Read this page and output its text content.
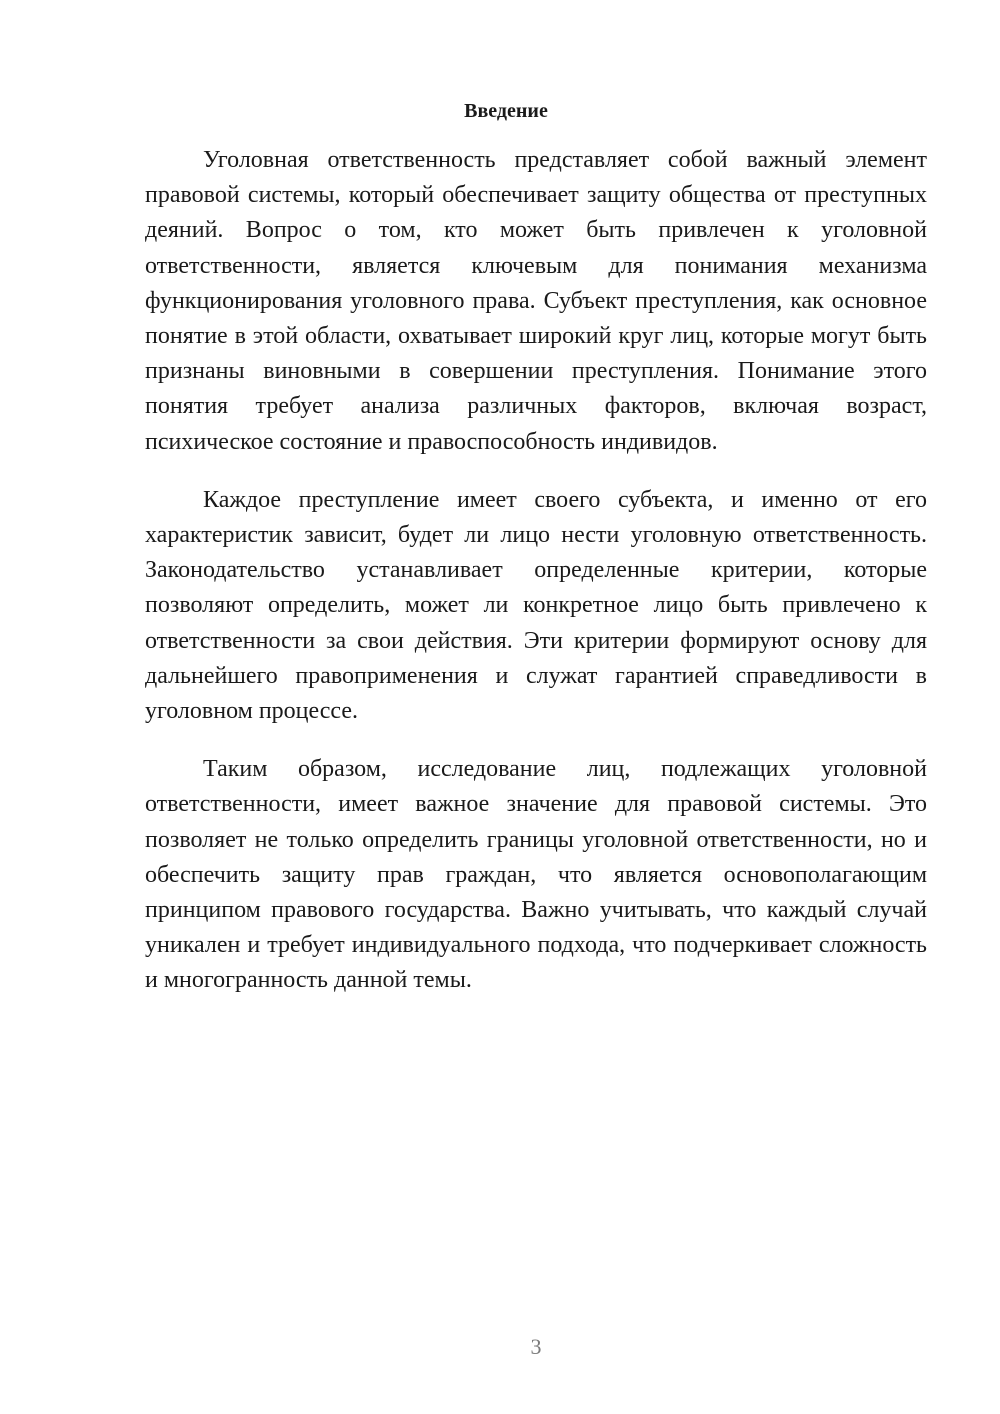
Введение

Уголовная ответственность представляет собой важный элемент правовой системы, который обеспечивает защиту общества от преступных деяний. Вопрос о том, кто может быть привлечен к уголовной ответственности, является ключевым для понимания механизма функционирования уголовного права. Субъект преступления, как основное понятие в этой области, охватывает широкий круг лиц, которые могут быть признаны виновными в совершении преступления. Понимание этого понятия требует анализа различных факторов, включая возраст, психическое состояние и правоспособность индивидов.

Каждое преступление имеет своего субъекта, и именно от его характеристик зависит, будет ли лицо нести уголовную ответственность. Законодательство устанавливает определенные критерии, которые позволяют определить, может ли конкретное лицо быть привлечено к ответственности за свои действия. Эти критерии формируют основу для дальнейшего правоприменения и служат гарантией справедливости в уголовном процессе.

Таким образом, исследование лиц, подлежащих уголовной ответственности, имеет важное значение для правовой системы. Это позволяет не только определить границы уголовной ответственности, но и обеспечить защиту прав граждан, что является основополагающим принципом правового государства. Важно учитывать, что каждый случай уникален и требует индивидуального подхода, что подчеркивает сложность и многогранность данной темы.

3
